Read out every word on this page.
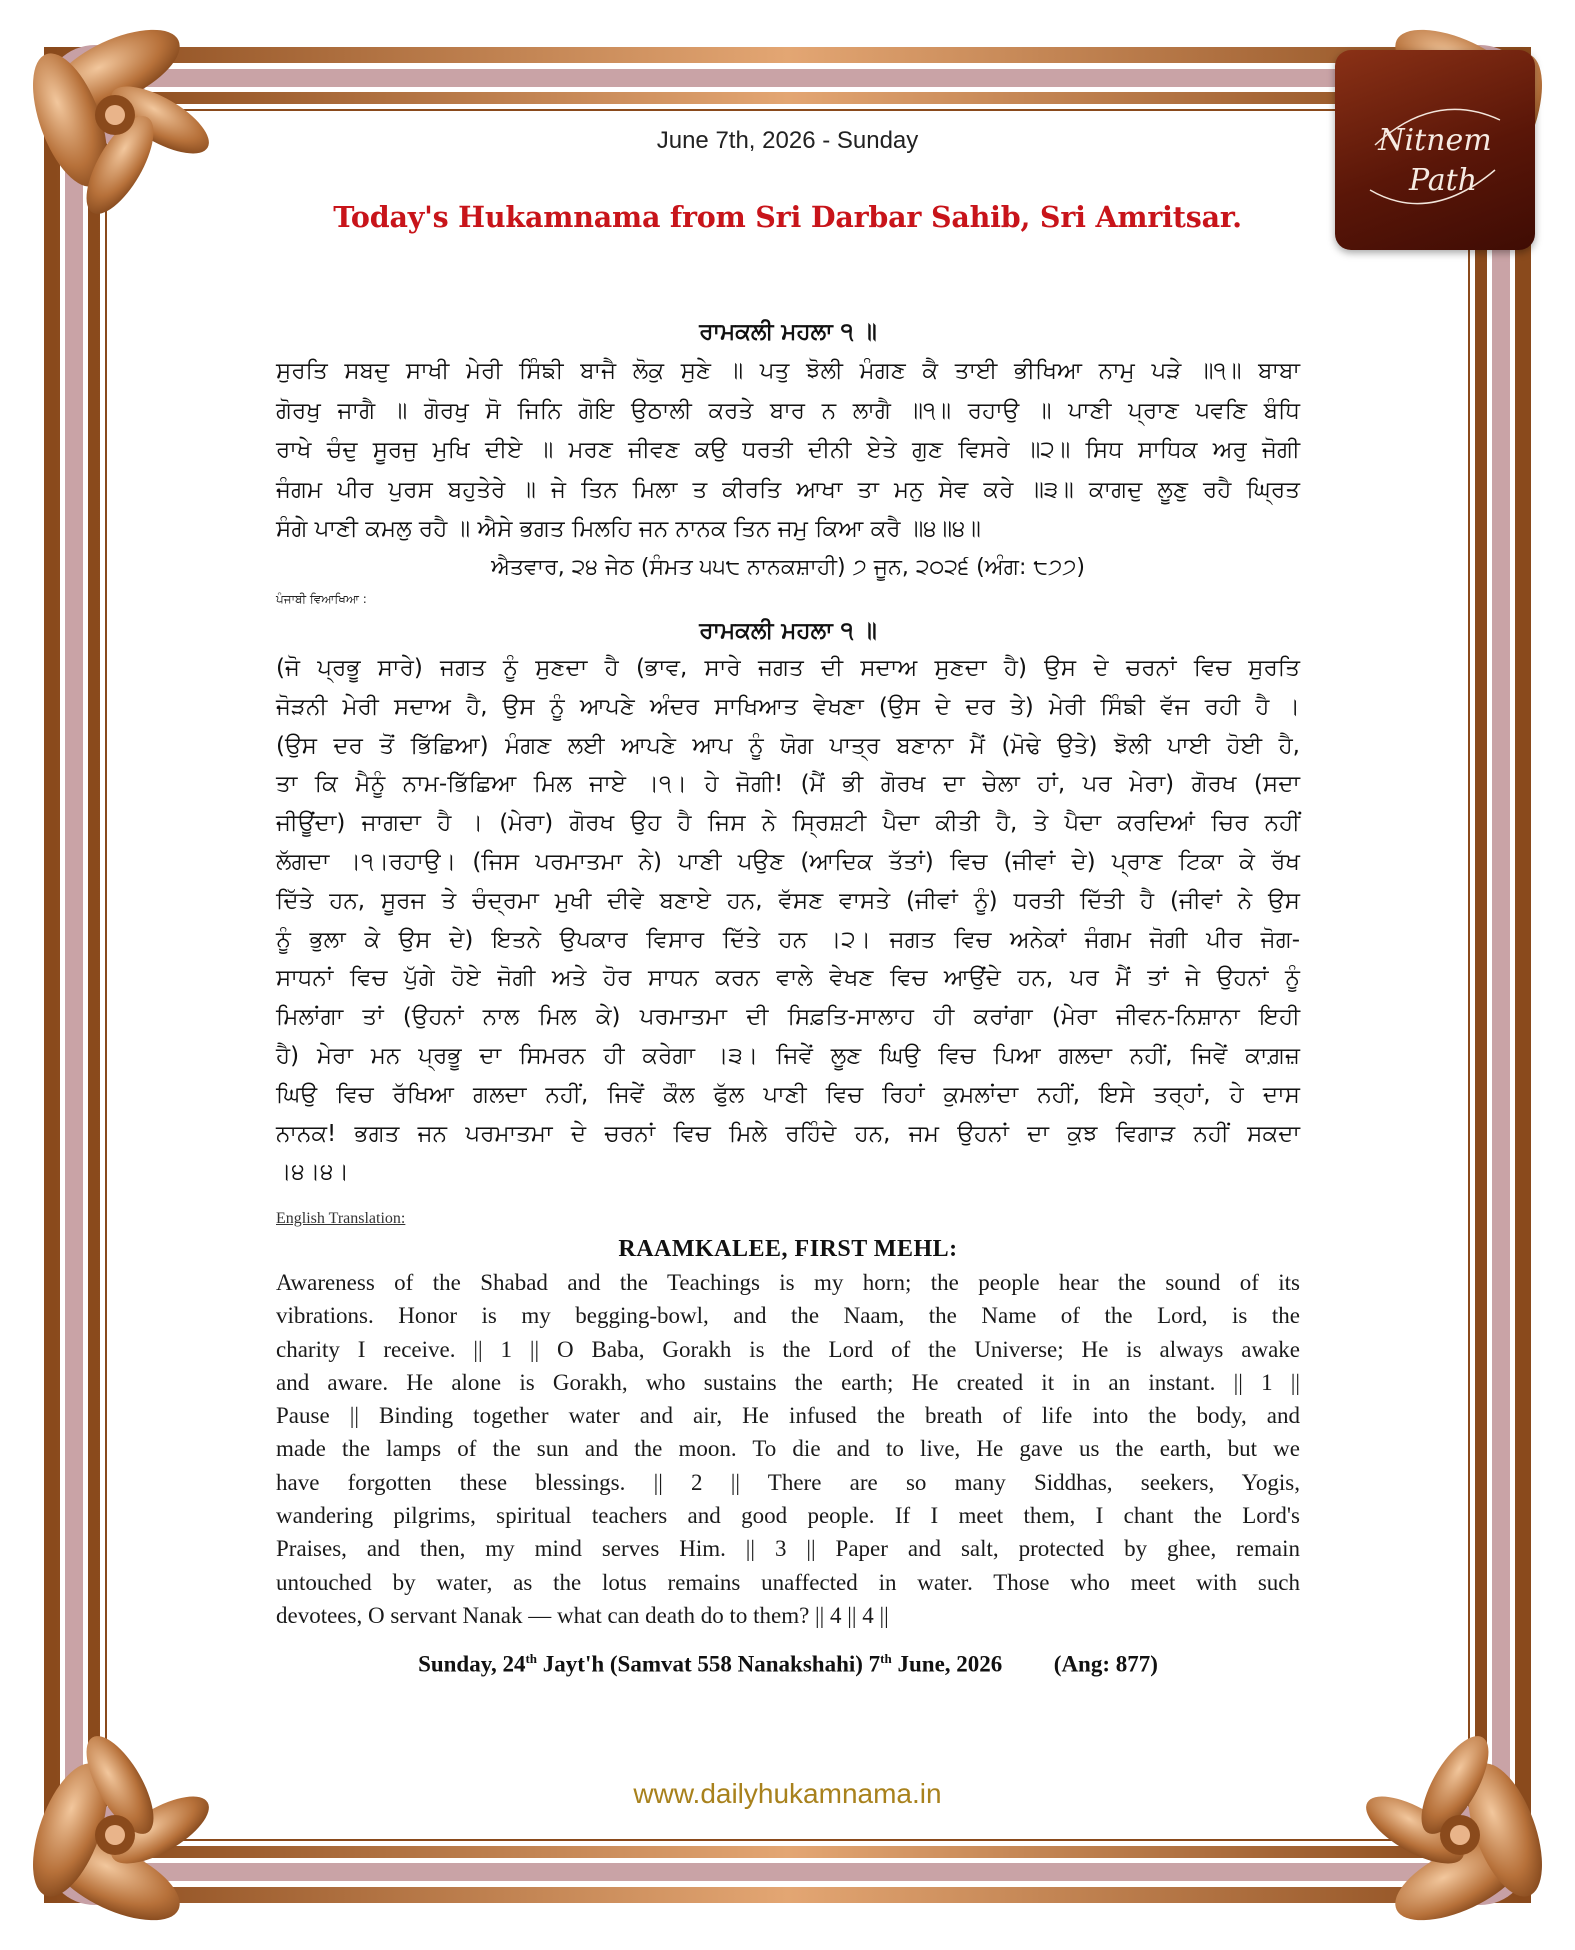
Nitnem
Path
June 7th, 2026 - Sunday
Today's Hukamnama from Sri Darbar Sahib, Sri Amritsar.
ਰਾਮਕਲੀ ਮਹਲਾ ੧ ॥
ਸੁਰਤਿ ਸਬਦੁ ਸਾਖੀ ਮੇਰੀ ਸਿੰਙੀ ਬਾਜੈ ਲੋਕੁ ਸੁਣੇ ॥ ਪਤੁ ਝੋਲੀ ਮੰਗਣ ਕੈ ਤਾਈ ਭੀਖਿਆ ਨਾਮੁ ਪੜੇ ॥੧॥ ਬਾਬਾ
ਗੋਰਖੁ ਜਾਗੈ ॥ ਗੋਰਖੁ ਸੋ ਜਿਨਿ ਗੋਇ ਉਠਾਲੀ ਕਰਤੇ ਬਾਰ ਨ ਲਾਗੈ ॥੧॥ ਰਹਾਉ ॥ ਪਾਣੀ ਪ੍ਰਾਣ ਪਵਣਿ ਬੰਧਿ
ਰਾਖੇ ਚੰਦੁ ਸੂਰਜੁ ਮੁਖਿ ਦੀਏ ॥ ਮਰਣ ਜੀਵਣ ਕਉ ਧਰਤੀ ਦੀਨੀ ਏਤੇ ਗੁਣ ਵਿਸਰੇ ॥੨॥ ਸਿਧ ਸਾਧਿਕ ਅਰੁ ਜੋਗੀ
ਜੰਗਮ ਪੀਰ ਪੁਰਸ ਬਹੁਤੇਰੇ ॥ ਜੇ ਤਿਨ ਮਿਲਾ ਤ ਕੀਰਤਿ ਆਖਾ ਤਾ ਮਨੁ ਸੇਵ ਕਰੇ ॥੩॥ ਕਾਗਦੁ ਲੂਣੁ ਰਹੈ ਘ੍ਰਿਤ
ਸੰਗੇ ਪਾਣੀ ਕਮਲੁ ਰਹੈ ॥ ਐਸੇ ਭਗਤ ਮਿਲਹਿ ਜਨ ਨਾਨਕ ਤਿਨ ਜਮੁ ਕਿਆ ਕਰੈ ॥੪॥੪॥
ਐਤਵਾਰ, ੨੪ ਜੇਠ (ਸੰਮਤ ੫੫੮ ਨਾਨਕਸ਼ਾਹੀ) ੭ ਜੂਨ, ੨੦੨੬ (ਅੰਗ: ੮੭੭)
ਪੰਜਾਬੀ ਵਿਆਖਿਆ :
ਰਾਮਕਲੀ ਮਹਲਾ ੧ ॥
(ਜੋ ਪ੍ਰਭੂ ਸਾਰੇ) ਜਗਤ ਨੂੰ ਸੁਣਦਾ ਹੈ (ਭਾਵ, ਸਾਰੇ ਜਗਤ ਦੀ ਸਦਾਅ ਸੁਣਦਾ ਹੈ) ਉਸ ਦੇ ਚਰਨਾਂ ਵਿਚ ਸੁਰਤਿ
ਜੋੜਨੀ ਮੇਰੀ ਸਦਾਅ ਹੈ, ਉਸ ਨੂੰ ਆਪਣੇ ਅੰਦਰ ਸਾਖਿਆਤ ਵੇਖਣਾ (ਉਸ ਦੇ ਦਰ ਤੇ) ਮੇਰੀ ਸਿੰਙੀ ਵੱਜ ਰਹੀ ਹੈ ।
(ਉਸ ਦਰ ਤੋਂ ਭਿੱਛਿਆ) ਮੰਗਣ ਲਈ ਆਪਣੇ ਆਪ ਨੂੰ ਯੋਗ ਪਾਤ੍ਰ ਬਣਾਨਾ ਮੈਂ (ਮੋਢੇ ਉਤੇ) ਝੋਲੀ ਪਾਈ ਹੋਈ ਹੈ,
ਤਾ ਕਿ ਮੈਨੂੰ ਨਾਮ-ਭਿੱਛਿਆ ਮਿਲ ਜਾਏ ।੧। ਹੇ ਜੋਗੀ! (ਮੈਂ ਭੀ ਗੋਰਖ ਦਾ ਚੇਲਾ ਹਾਂ, ਪਰ ਮੇਰਾ) ਗੋਰਖ (ਸਦਾ
ਜੀਊਂਦਾ) ਜਾਗਦਾ ਹੈ । (ਮੇਰਾ) ਗੋਰਖ ਉਹ ਹੈ ਜਿਸ ਨੇ ਸ੍ਰਿਸ਼ਟੀ ਪੈਦਾ ਕੀਤੀ ਹੈ, ਤੇ ਪੈਦਾ ਕਰਦਿਆਂ ਚਿਰ ਨਹੀਂ
ਲੱਗਦਾ ।੧।ਰਹਾਉ। (ਜਿਸ ਪਰਮਾਤਮਾ ਨੇ) ਪਾਣੀ ਪਉਣ (ਆਦਿਕ ਤੱਤਾਂ) ਵਿਚ (ਜੀਵਾਂ ਦੇ) ਪ੍ਰਾਣ ਟਿਕਾ ਕੇ ਰੱਖ
ਦਿੱਤੇ ਹਨ, ਸੂਰਜ ਤੇ ਚੰਦ੍ਰਮਾ ਮੁਖੀ ਦੀਵੇ ਬਣਾਏ ਹਨ, ਵੱਸਣ ਵਾਸਤੇ (ਜੀਵਾਂ ਨੂੰ) ਧਰਤੀ ਦਿੱਤੀ ਹੈ (ਜੀਵਾਂ ਨੇ ਉਸ
ਨੂੰ ਭੁਲਾ ਕੇ ਉਸ ਦੇ) ਇਤਨੇ ਉਪਕਾਰ ਵਿਸਾਰ ਦਿੱਤੇ ਹਨ ।੨। ਜਗਤ ਵਿਚ ਅਨੇਕਾਂ ਜੰਗਮ ਜੋਗੀ ਪੀਰ ਜੋਗ-
ਸਾਧਨਾਂ ਵਿਚ ਪੁੱਗੇ ਹੋਏ ਜੋਗੀ ਅਤੇ ਹੋਰ ਸਾਧਨ ਕਰਨ ਵਾਲੇ ਵੇਖਣ ਵਿਚ ਆਉਂਦੇ ਹਨ, ਪਰ ਮੈਂ ਤਾਂ ਜੇ ਉਹਨਾਂ ਨੂੰ
ਮਿਲਾਂਗਾ ਤਾਂ (ਉਹਨਾਂ ਨਾਲ ਮਿਲ ਕੇ) ਪਰਮਾਤਮਾ ਦੀ ਸਿਫ਼ਤਿ-ਸਾਲਾਹ ਹੀ ਕਰਾਂਗਾ (ਮੇਰਾ ਜੀਵਨ-ਨਿਸ਼ਾਨਾ ਇਹੀ
ਹੈ) ਮੇਰਾ ਮਨ ਪ੍ਰਭੂ ਦਾ ਸਿਮਰਨ ਹੀ ਕਰੇਗਾ ।੩। ਜਿਵੇਂ ਲੂਣ ਘਿਉ ਵਿਚ ਪਿਆ ਗਲਦਾ ਨਹੀਂ, ਜਿਵੇਂ ਕਾਗ਼ਜ਼
ਘਿਉ ਵਿਚ ਰੱਖਿਆ ਗਲਦਾ ਨਹੀਂ, ਜਿਵੇਂ ਕੌਲ ਫੁੱਲ ਪਾਣੀ ਵਿਚ ਰਿਹਾਂ ਕੁਮਲਾਂਦਾ ਨਹੀਂ, ਇਸੇ ਤਰ੍ਹਾਂ, ਹੇ ਦਾਸ
ਨਾਨਕ! ਭਗਤ ਜਨ ਪਰਮਾਤਮਾ ਦੇ ਚਰਨਾਂ ਵਿਚ ਮਿਲੇ ਰਹਿੰਦੇ ਹਨ, ਜਮ ਉਹਨਾਂ ਦਾ ਕੁਝ ਵਿਗਾੜ ਨਹੀਂ ਸਕਦਾ
।੪।੪।
English Translation:
RAAMKALEE, FIRST MEHL:
Awareness of the Shabad and the Teachings is my horn; the people hear the sound of its
vibrations. Honor is my begging-bowl, and the Naam, the Name of the Lord, is the
charity I receive. || 1 || O Baba, Gorakh is the Lord of the Universe; He is always awake
and aware. He alone is Gorakh, who sustains the earth; He created it in an instant. || 1 ||
Pause || Binding together water and air, He infused the breath of life into the body, and
made the lamps of the sun and the moon. To die and to live, He gave us the earth, but we
have forgotten these blessings. || 2 || There are so many Siddhas, seekers, Yogis,
wandering pilgrims, spiritual teachers and good people. If I meet them, I chant the Lord's
Praises, and then, my mind serves Him. || 3 || Paper and salt, protected by ghee, remain
untouched by water, as the lotus remains unaffected in water. Those who meet with such
devotees, O servant Nanak — what can death do to them? || 4 || 4 ||
Sunday, 24th Jayt'h (Samvat 558 Nanakshahi) 7th June, 2026 (Ang: 877)
www.dailyhukamnama.in
